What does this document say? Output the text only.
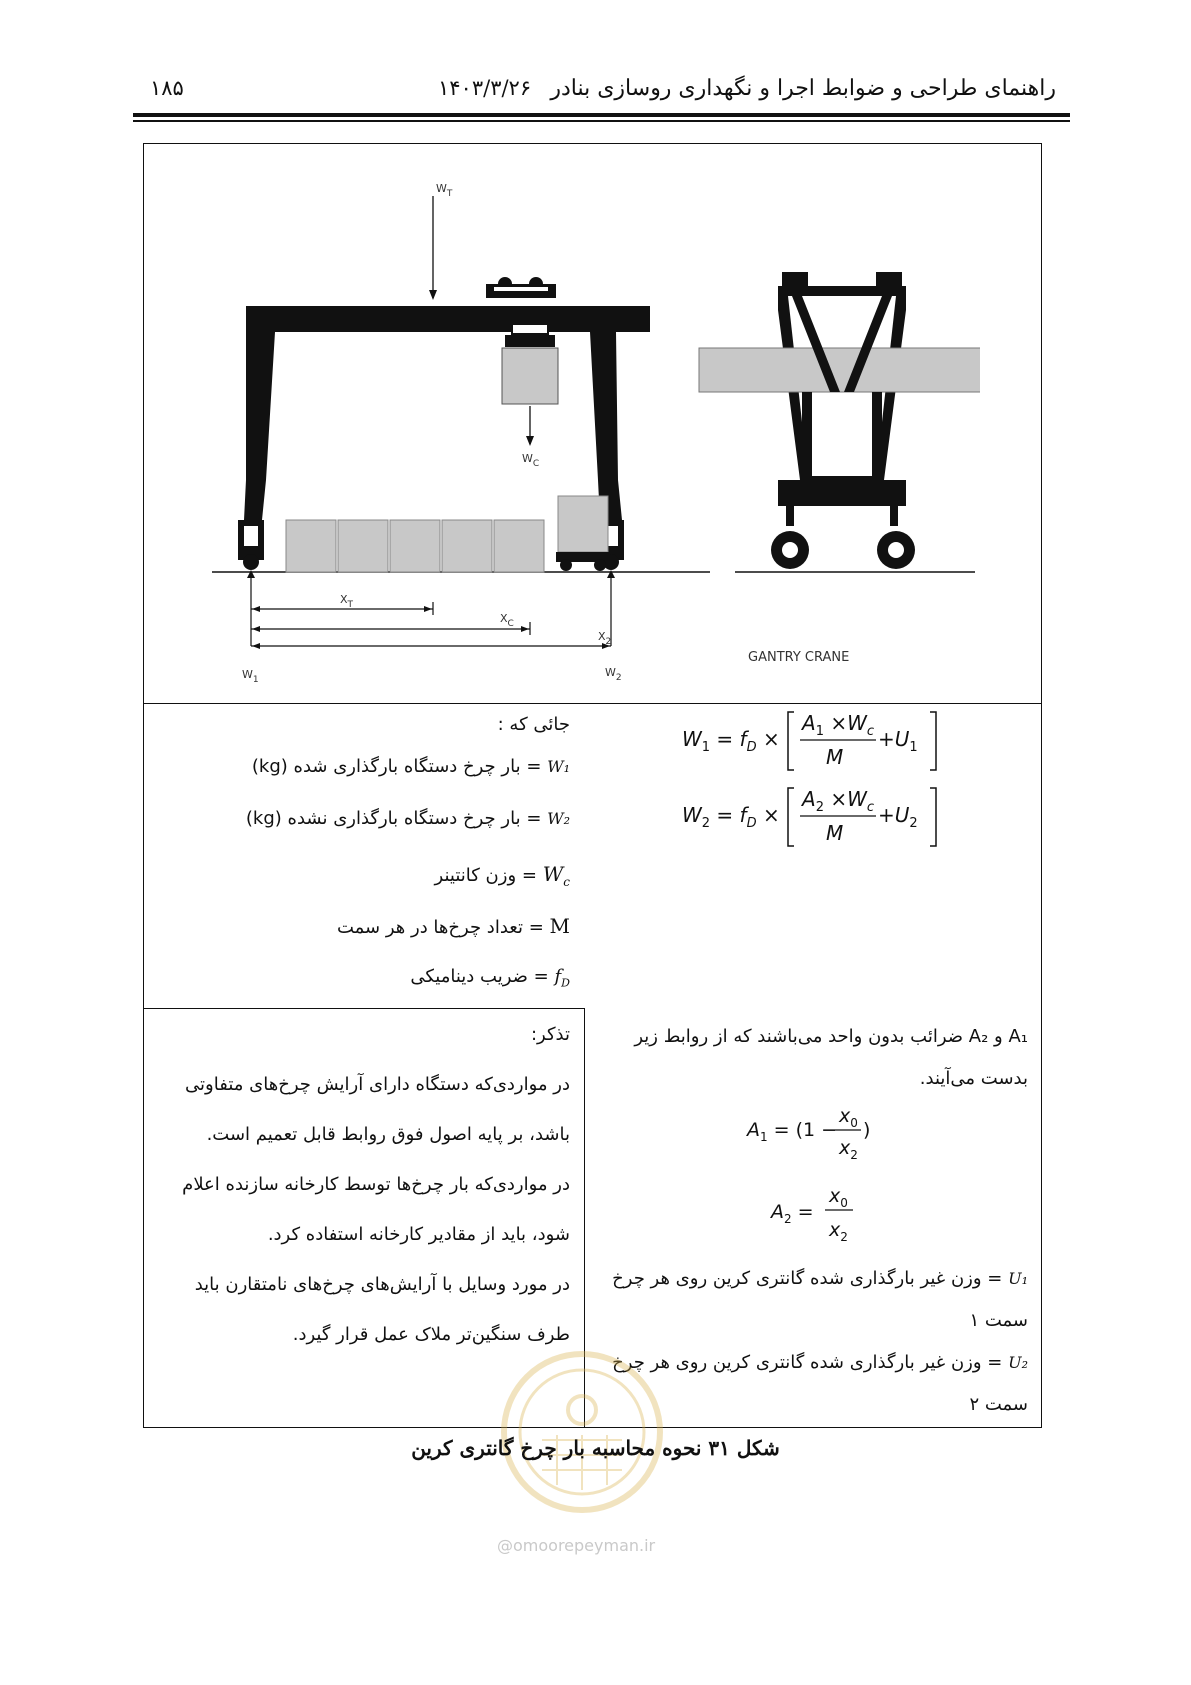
راهنمای طراحی و ضوابط اجرا و نگهداری روسازی بنادر
۱۴۰۳/۳/۲۶
۱۸۵
$W_T$
$W_C$
$X_T$
$X_C$
$X_2$
$W_1$
$W_2$
GANTRY CRANE
جائی که :
W₁ = بار چرخ دستگاه بارگذاری شده (kg)
W₂ = بار چرخ دستگاه بارگذاری نشده (kg)
$W_c$ = وزن کانتینر
M = تعداد چرخ‌ها در هر سمت
$f_D$ = ضریب دینامیکی
$W_1 = f_D$ ×
$A_1 \times W_c$
M
$+U_1$
$W_2 = f_D$ ×
$A_2 \times W_c$
M
$+U_2$
A₁ و A₂ ضرائب بدون واحد می‌باشند که از روابط زیر
بدست می‌آیند.
$A_1 = (1$ −
$x_0$
$x_2$
)
$A_2$ =
$x_0$
$x_2$
U₁ = وزن غیر بارگذاری شده گانتری کرین روی هر چرخ
سمت ۱
U₂ = وزن غیر بارگذاری شده گانتری کرین روی هر چرخ
سمت ۲
تذکر:
در مواردی‌که دستگاه دارای آرایش چرخ‌های متفاوتی
باشد، بر پایه اصول فوق روابط قابل تعمیم است.
در مواردی‌که بار چرخ‌ها توسط کارخانه سازنده اعلام
شود، باید از مقادیر کارخانه استفاده کرد.
در مورد وسایل با آرایش‌های چرخ‌های نامتقارن باید
طرف سنگین‌تر ملاک عمل قرار گیرد.
@omoorepeyman.ir
شکل ۳۱ نحوه محاسبه بار چرخ گانتری کرین
